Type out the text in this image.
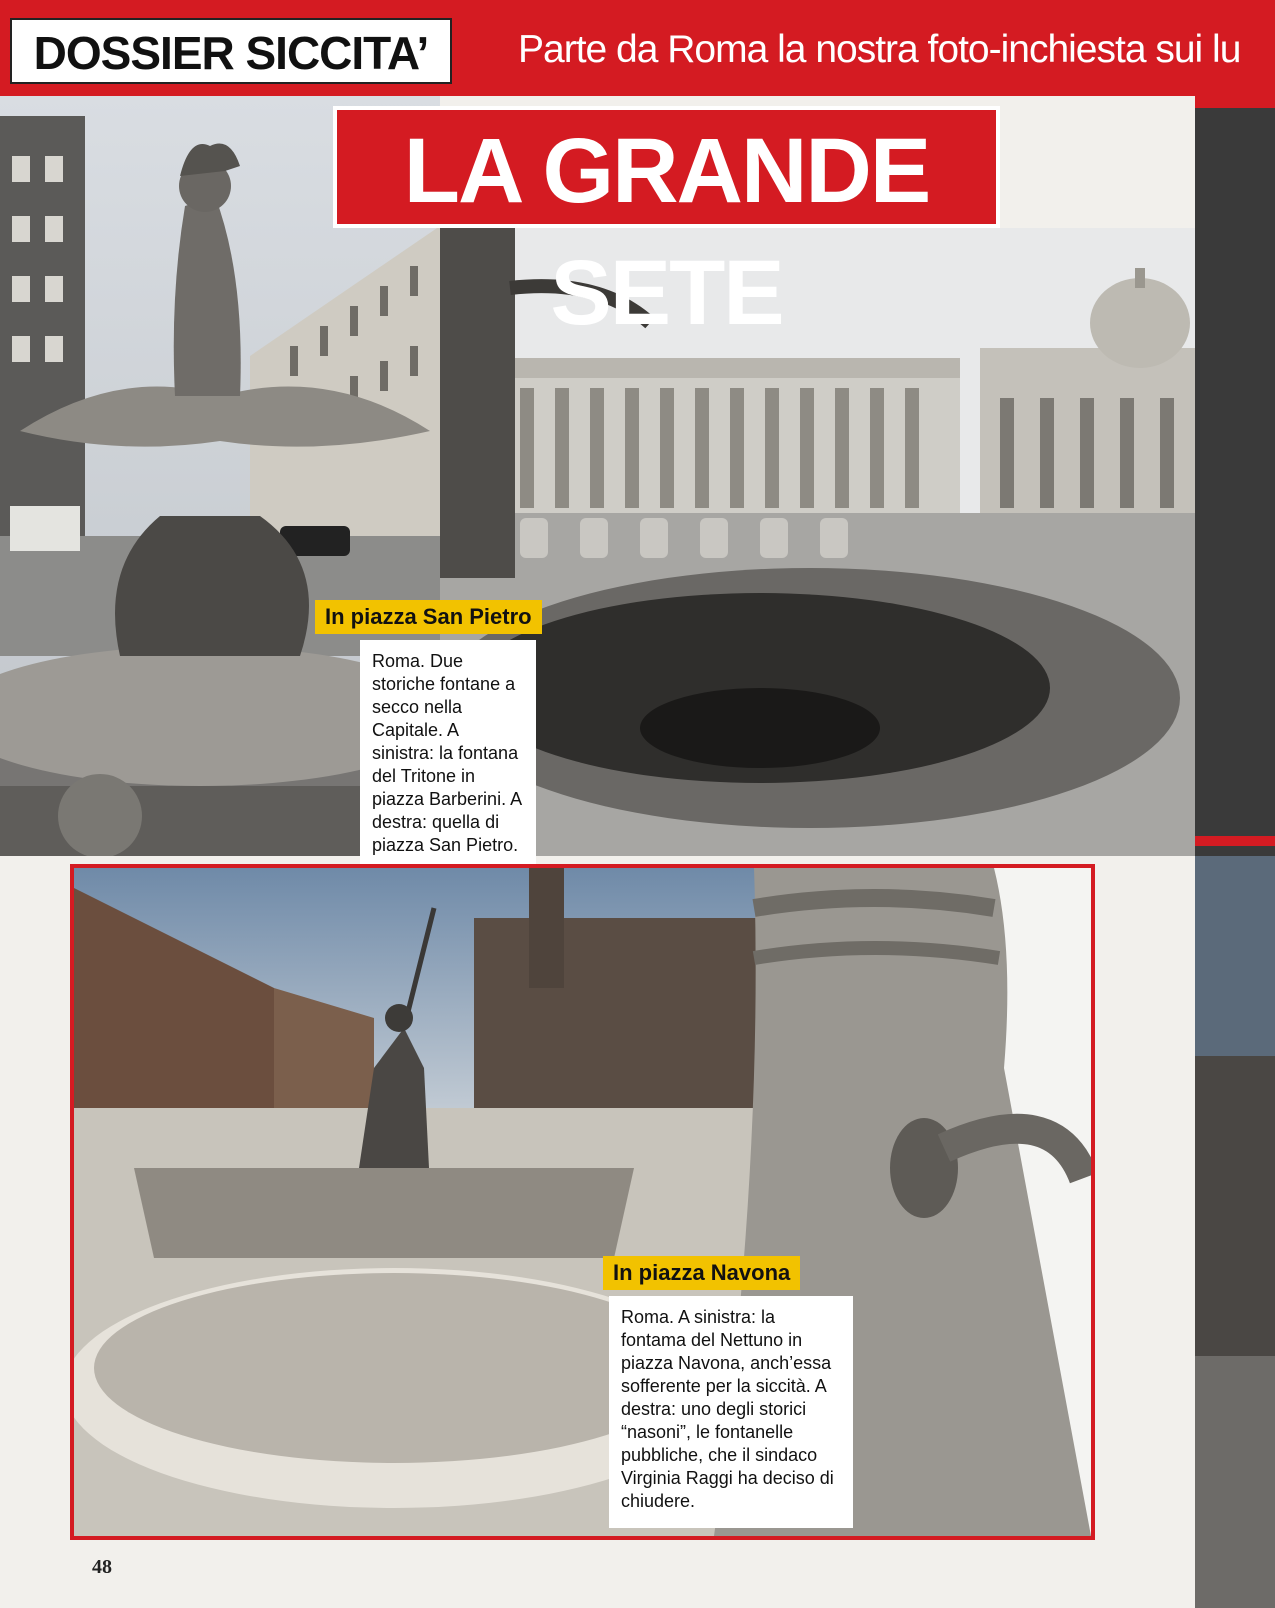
DOSSIER SICCITA’	Parte da Roma la nostra foto-inchiesta sui lu
LA GRANDE SETE
In piazza San Pietro
Roma. Due storiche fontane a secco nella Capitale. A sinistra: la fontana del Tritone in piazza Barberini. A destra: quella di piazza San Pietro.
In piazza Navona
Roma. A sinistra: la fontama del Nettuno in piazza Navona, anch’essa sofferente per la siccità. A destra: uno degli storici “nasoni”, le fontanelle pubbliche, che il sindaco Virginia Raggi ha deciso di chiudere.
48
